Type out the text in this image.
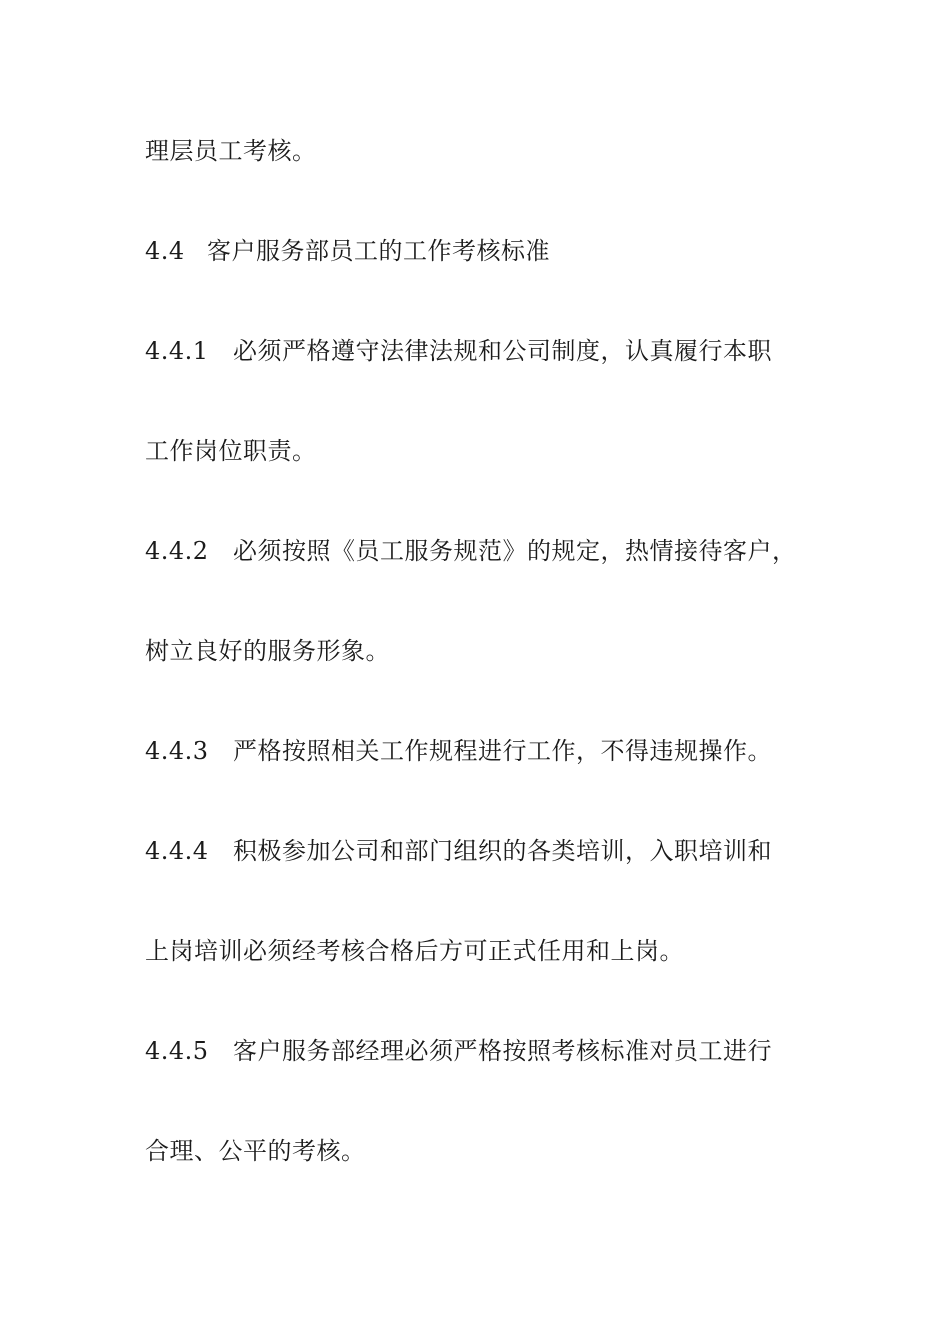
理层员工考核。
4.4 客户服务部员工的工作考核标准
4.4.1 必须严格遵守法律法规和公司制度，认真履行本职
工作岗位职责。
4.4.2 必须按照《员工服务规范》的规定，热情接待客户，
树立良好的服务形象。
4.4.3 严格按照相关工作规程进行工作，不得违规操作。
4.4.4 积极参加公司和部门组织的各类培训，入职培训和
上岗培训必须经考核合格后方可正式任用和上岗。
4.4.5 客户服务部经理必须严格按照考核标准对员工进行
合理、公平的考核。
